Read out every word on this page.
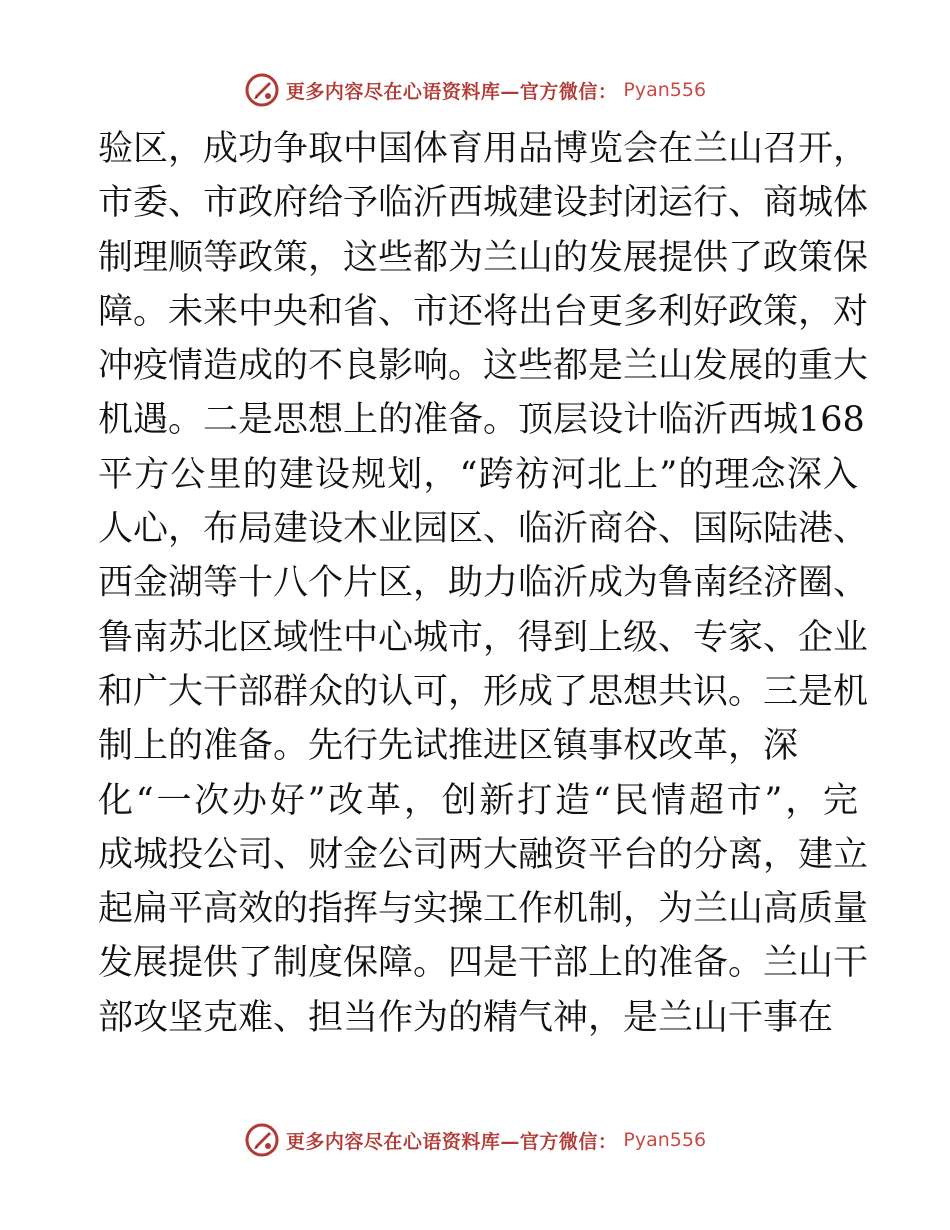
更多内容尽在心语资料库—官方微信： Pyan556
验区，成功争取中国体育用品博览会在兰山召开，
市委、市政府给予临沂西城建设封闭运行、商城体
制理顺等政策，这些都为兰山的发展提供了政策保
障。未来中央和省、市还将出台更多利好政策，对
冲疫情造成的不良影响。这些都是兰山发展的重大
机遇。二是思想上的准备。顶层设计临沂西城168
平方公里的建设规划，“跨祊河北上”的理念深入
人心，布局建设木业园区、临沂商谷、国际陆港、
西金湖等十八个片区，助力临沂成为鲁南经济圈、
鲁南苏北区域性中心城市，得到上级、专家、企业
和广大干部群众的认可，形成了思想共识。三是机
制上的准备。先行先试推进区镇事权改革，深
化“一次办好”改革，创新打造“民情超市”，完
成城投公司、财金公司两大融资平台的分离，建立
起扁平高效的指挥与实操工作机制，为兰山高质量
发展提供了制度保障。四是干部上的准备。兰山干
部攻坚克难、担当作为的精气神，是兰山干事在
更多内容尽在心语资料库—官方微信： Pyan556
